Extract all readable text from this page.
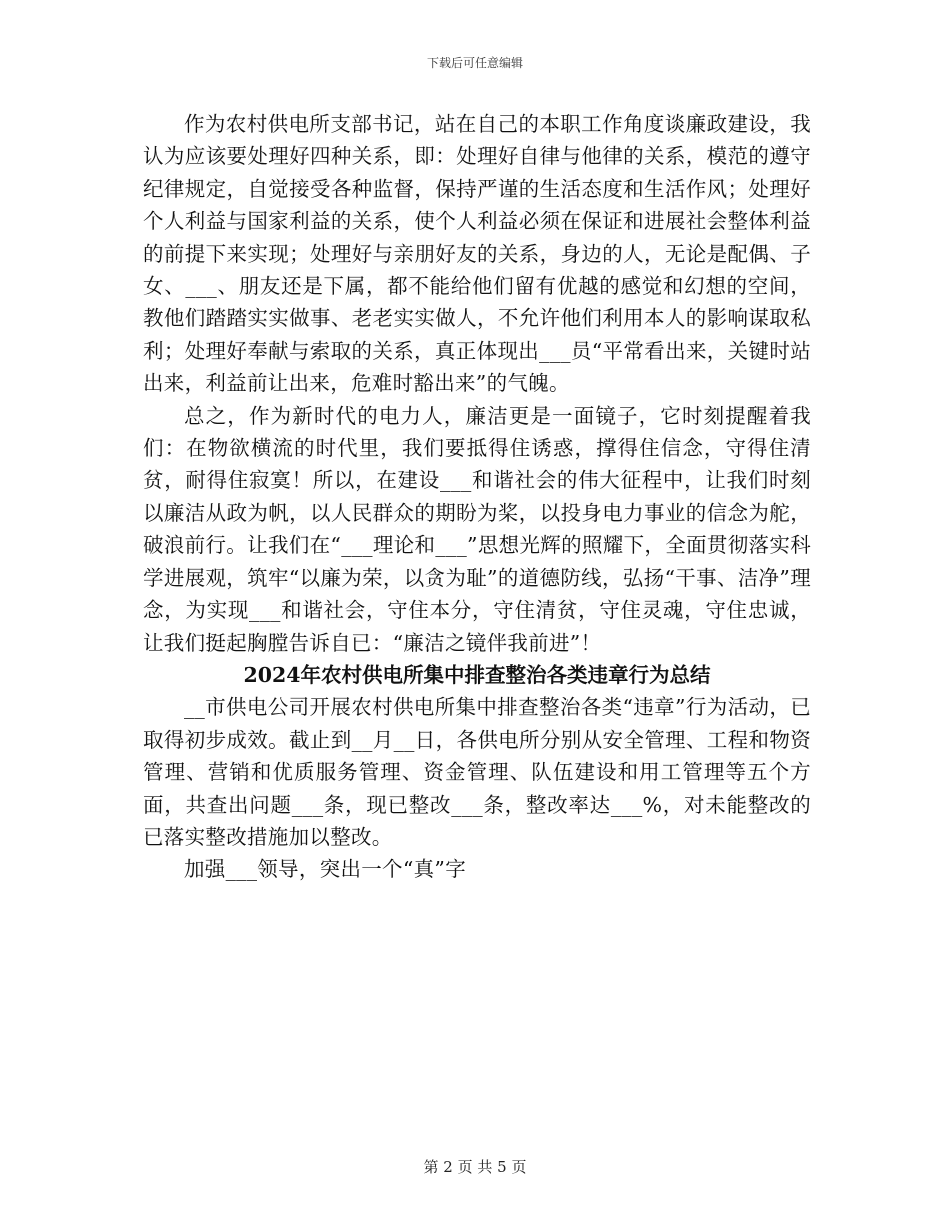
下载后可任意编辑

作为农村供电所支部书记，站在自己的本职工作角度谈廉政建设，我认为应该要处理好四种关系，即：处理好自律与他律的关系，模范的遵守纪律规定，自觉接受各种监督，保持严谨的生活态度和生活作风；处理好个人利益与国家利益的关系，使个人利益必须在保证和进展社会整体利益的前提下来实现；处理好与亲朋好友的关系，身边的人，无论是配偶、子女、___、朋友还是下属，都不能给他们留有优越的感觉和幻想的空间，教他们踏踏实实做事、老老实实做人，不允许他们利用本人的影响谋取私利；处理好奉献与索取的关系，真正体现出___员“平常看出来，关键时站出来，利益前让出来，危难时豁出来”的气魄。

总之，作为新时代的电力人，廉洁更是一面镜子，它时刻提醒着我们：在物欲横流的时代里，我们要抵得住诱惑，撑得住信念，守得住清贫，耐得住寂寞！所以，在建设___和谐社会的伟大征程中，让我们时刻以廉洁从政为帆，以人民群众的期盼为桨，以投身电力事业的信念为舵，破浪前行。让我们在“___理论和___”思想光辉的照耀下，全面贯彻落实科学进展观，筑牢“以廉为荣，以贪为耻”的道德防线，弘扬“干事、洁净”理念，为实现___和谐社会，守住本分，守住清贫，守住灵魂，守住忠诚，让我们挺起胸膛告诉自已：“廉洁之镜伴我前进”！

2024年农村供电所集中排查整治各类违章行为总结

__市供电公司开展农村供电所集中排查整治各类“违章”行为活动，已取得初步成效。截止到__月__日，各供电所分别从安全管理、工程和物资管理、营销和优质服务管理、资金管理、队伍建设和用工管理等五个方面，共查出问题___条，现已整改___条，整改率达___%，对未能整改的已落实整改措施加以整改。

加强___领导，突出一个“真”字

第 2 页 共 5 页
